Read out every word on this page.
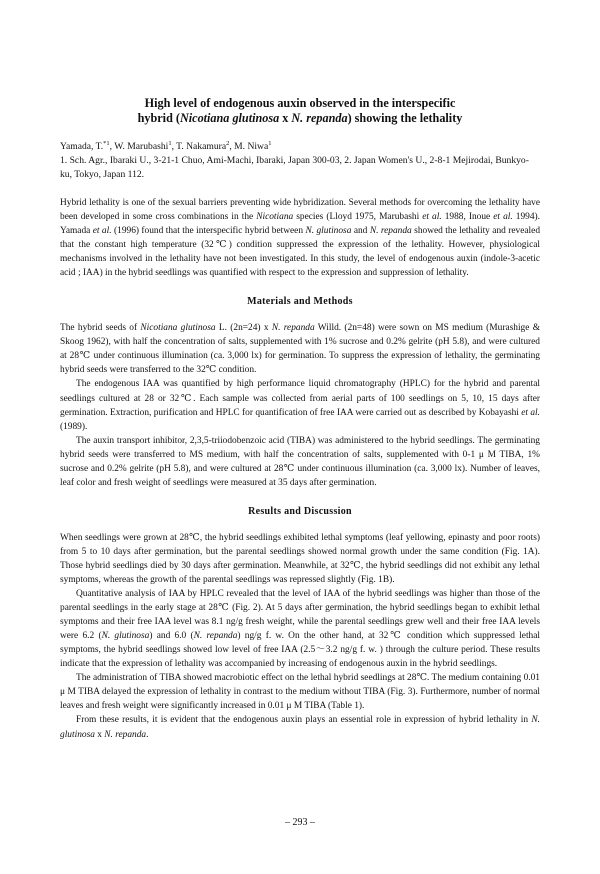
High level of endogenous auxin observed in the interspecific
hybrid (Nicotiana glutinosa x N. repanda) showing the lethality
Yamada, T.$^{*1}$, W. Marubashi$^1$, T. Nakamura$^2$, M. Niwa$^1$
1. Sch. Agr., Ibaraki U., 3-21-1 Chuo, Ami-Machi, Ibaraki, Japan 300-03, 2. Japan Women's U., 2-8-1 Mejirodai, Bunkyo-ku, Tokyo, Japan 112.

Hybrid lethality is one of the sexual barriers preventing wide hybridization. Several methods for overcoming the lethality have been developed in some cross combinations in the Nicotiana species (Lloyd 1975, Marubashi et al. 1988, Inoue et al. 1994). Yamada et al. (1996) found that the interspecific hybrid between N. glutinosa and N. repanda showed the lethality and revealed that the constant high temperature (32℃) condition suppressed the expression of the lethality. However, physiological mechanisms involved in the lethality have not been investigated. In this study, the level of endogenous auxin (indole-3-acetic acid ; IAA) in the hybrid seedlings was quantified with respect to the expression and suppression of lethality.

Materials and Methods

The hybrid seeds of Nicotiana glutinosa L. (2n=24) x N. repanda Willd. (2n=48) were sown on MS medium (Murashige & Skoog 1962), with half the concentration of salts, supplemented with 1% sucrose and 0.2% gelrite (pH 5.8), and were cultured at 28℃ under continuous illumination (ca. 3,000 lx) for germination. To suppress the expression of lethality, the germinating hybrid seeds were transferred to the 32℃ condition.

The endogenous IAA was quantified by high performance liquid chromatography (HPLC) for the hybrid and parental seedlings cultured at 28 or 32℃. Each sample was collected from aerial parts of 100 seedlings on 5, 10, 15 days after germination. Extraction, purification and HPLC for quantification of free IAA were carried out as described by Kobayashi et al. (1989).

The auxin transport inhibitor, 2,3,5-triiodobenzoic acid (TIBA) was administered to the hybrid seedlings. The germinating hybrid seeds were transferred to MS medium, with half the concentration of salts, supplemented with 0-1 μ M TIBA, 1% sucrose and 0.2% gelrite (pH 5.8), and were cultured at 28℃ under continuous illumination (ca. 3,000 lx). Number of leaves, leaf color and fresh weight of seedlings were measured at 35 days after germination.

Results and Discussion

When seedlings were grown at 28℃, the hybrid seedlings exhibited lethal symptoms (leaf yellowing, epinasty and poor roots) from 5 to 10 days after germination, but the parental seedlings showed normal growth under the same condition (Fig. 1A). Those hybrid seedlings died by 30 days after germination. Meanwhile, at 32℃, the hybrid seedlings did not exhibit any lethal symptoms, whereas the growth of the parental seedlings was repressed slightly (Fig. 1B).

Quantitative analysis of IAA by HPLC revealed that the level of IAA of the hybrid seedlings was higher than those of the parental seedlings in the early stage at 28℃ (Fig. 2). At 5 days after germination, the hybrid seedlings began to exhibit lethal symptoms and their free IAA level was 8.1 ng/g fresh weight, while the parental seedlings grew well and their free IAA levels were 6.2 (N. glutinosa) and 6.0 (N. repanda) ng/g f. w. On the other hand, at 32℃ condition which suppressed lethal symptoms, the hybrid seedlings showed low level of free IAA (2.5～3.2 ng/g f. w. ) through the culture period. These results indicate that the expression of lethality was accompanied by increasing of endogenous auxin in the hybrid seedlings.

The administration of TIBA showed macrobiotic effect on the lethal hybrid seedlings at 28℃. The medium containing 0.01 μ M TIBA delayed the expression of lethality in contrast to the medium without TIBA (Fig. 3). Furthermore, number of normal leaves and fresh weight were significantly increased in 0.01 μ M TIBA (Table 1).

From these results, it is evident that the endogenous auxin plays an essential role in expression of hybrid lethality in N. glutinosa x N. repanda.

– 293 –
